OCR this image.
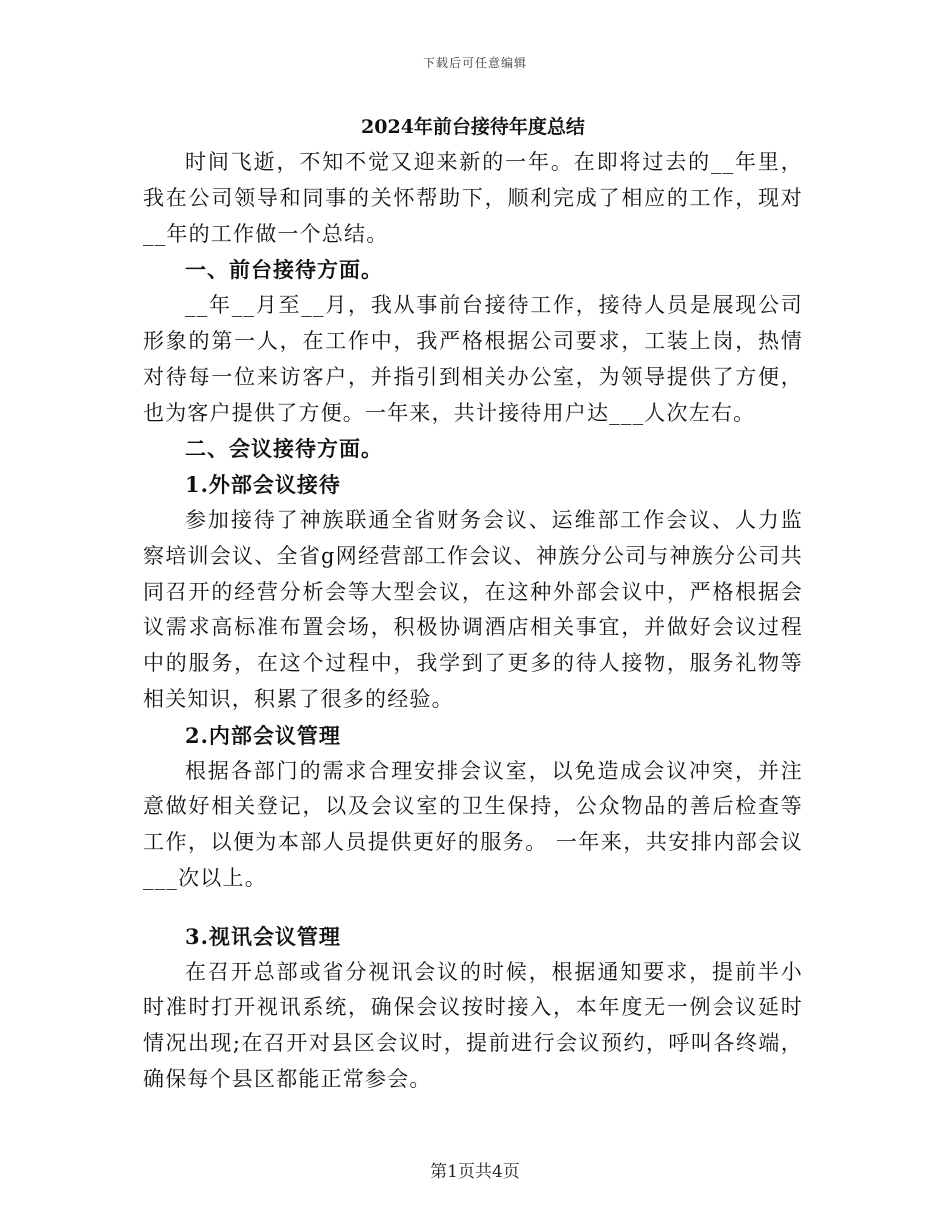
下载后可任意编辑
2024年前台接待年度总结

时间飞逝，不知不觉又迎来新的一年。在即将过去的__年里，我在公司领导和同事的关怀帮助下，顺利完成了相应的工作，现对__年的工作做一个总结。

一、前台接待方面。

__年__月至__月，我从事前台接待工作，接待人员是展现公司形象的第一人，在工作中，我严格根据公司要求，工装上岗，热情对待每一位来访客户，并指引到相关办公室，为领导提供了方便，也为客户提供了方便。一年来，共计接待用户达___人次左右。

二、会议接待方面。

1.外部会议接待

参加接待了神族联通全省财务会议、运维部工作会议、人力监察培训会议、全省g网经营部工作会议、神族分公司与神族分公司共同召开的经营分析会等大型会议，在这种外部会议中，严格根据会议需求高标准布置会场，积极协调酒店相关事宜，并做好会议过程中的服务，在这个过程中，我学到了更多的待人接物，服务礼物等相关知识，积累了很多的经验。

2.内部会议管理

根据各部门的需求合理安排会议室，以免造成会议冲突，并注意做好相关登记，以及会议室的卫生保持，公众物品的善后检查等工作，以便为本部人员提供更好的服务。 一年来，共安排内部会议___次以上。

3.视讯会议管理

在召开总部或省分视讯会议的时候，根据通知要求，提前半小时准时打开视讯系统，确保会议按时接入，本年度无一例会议延时情况出现;在召开对县区会议时，提前进行会议预约，呼叫各终端，确保每个县区都能正常参会。

第1页共4页
